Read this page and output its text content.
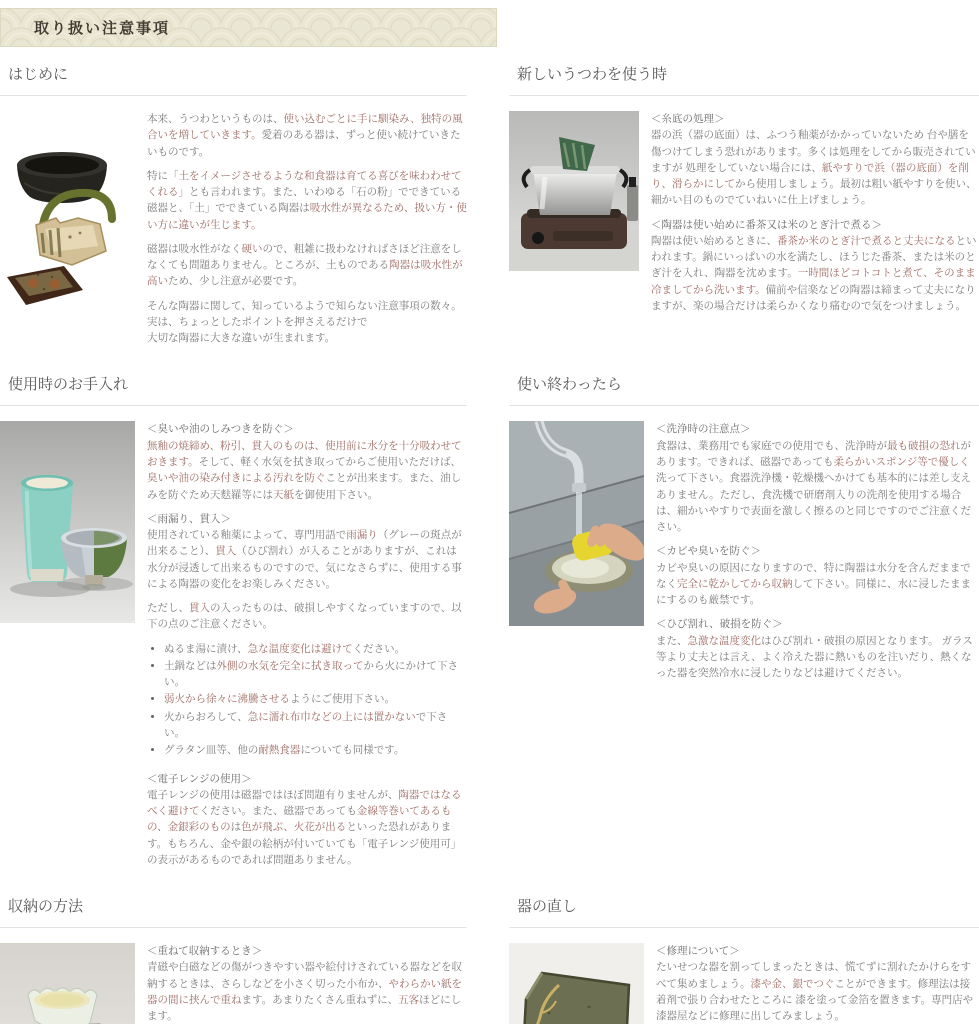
取り扱い注意事項
はじめに

本来、うつわというものは、使い込むごとに手に馴染み、独特の風合いを増していきます。愛着のある器は、ずっと使い続けていきたいものです。

特に「土をイメージさせるような和食器は育てる喜びを味わわせてくれる」とも言われます。また、いわゆる「石の粉」でできている磁器と、「土」でできている陶器は吸水性が異なるため、扱い方・使い方に違いが生じます。

磁器は吸水性がなく硬いので、粗雑に扱わなければさほど注意をしなくても問題ありません。ところが、土ものである陶器は吸水性が高いため、少し注意が必要です。

そんな陶器に関して、知っているようで知らない注意事項の数々。
実は、ちょっとしたポイントを押さえるだけで
大切な陶器に大きな違いが生まれます。

新しいうつわを使う時

＜糸底の処理＞

器の浜（器の底面）は、ふつう釉薬がかかっていないため 台や膳を傷つけてしまう恐れがあります。多くは処理をしてから販売されていますが 処理をしていない場合には、紙やすりで浜（器の底面）を削り、滑らかにしてから使用しましょう。最初は粗い紙やすりを使い、細かい目のものでていねいに仕上げましょう。

＜陶器は使い始めに番茶又は米のとぎ汁で煮る＞

陶器は使い始めるときに、番茶か米のとぎ汁で煮ると丈夫になるといわれます。鍋にいっぱいの水を満たし、ほうじた番茶、または米のとぎ汁を入れ、陶器を沈めます。一時間ほどコトコトと煮て、そのまま冷ましてから洗います。備前や信楽などの陶器は締まって丈夫になりますが、楽の場合だけは柔らかくなり痛むので気をつけましょう。

使用時のお手入れ

＜臭いや油のしみつきを防ぐ＞

無釉の焼締め、粉引、貫入のものは、使用前に水分を十分吸わせておきます。そして、軽く水気を拭き取ってからご使用いただけば、臭いや油の染み付きによる汚れを防ぐことが出来ます。また、油しみを防ぐため天麩羅等には天紙を御使用下さい。

＜雨漏り、貫入＞

使用されている釉薬によって、専門用語で雨漏り（グレーの斑点が出来ること）、貫入（ひび割れ）が入ることがありますが、これは水分が浸透して出来るものですので、気になさらずに、使用する事による陶器の変化をお楽しみください。

ただし、貫入の入ったものは、破損しやすくなっていますので、以下の点のご注意ください。

• ぬるま湯に漬け、急な温度変化は避けてください。
• 土鍋などは外側の水気を完全に拭き取ってから火にかけて下さい。
• 弱火から徐々に沸騰させるようにご使用下さい。
• 火からおろして、急に濡れ布巾などの上には置かないで下さい。
• グラタン皿等、他の耐熱食器についても同様です。

＜電子レンジの使用＞

電子レンジの使用は磁器ではほぼ問題有りませんが、陶器ではなるべく避けてください。また、磁器であっても金線等巻いてあるもの、金銀彩のものは色が飛ぶ、火花が出るといった恐れがあります。もちろん、金や銀の絵柄が付いていても「電子レンジ使用可」の表示があるものであれば問題ありません。

使い終わったら

＜洗浄時の注意点＞

食器は、業務用でも家庭での使用でも、洗浄時が最も破損の恐れがあります。できれば、磁器であっても柔らかいスポンジ等で優しく洗って下さい。食器洗浄機・乾燥機へかけても基本的には差し支えありません。ただし、食洗機で研磨剤入りの洗剤を使用する場合は、細かいやすりで表面を激しく擦るのと同じですのでご注意ください。

＜カビや臭いを防ぐ＞

カビや臭いの原因になりますので、特に陶器は水分を含んだままでなく完全に乾かしてから収納して下さい。同様に、水に浸したままにするのも厳禁です。

＜ひび割れ、破損を防ぐ＞

また、急激な温度変化はひび割れ・破損の原因となります。 ガラス等より丈夫とは言え、よく冷えた器に熱いものを注いだり、熱くなった器を突然冷水に浸したりなどは避けてください。

収納の方法

＜重ねて収納するとき＞

青磁や白磁などの傷がつきやすい器や絵付けされている器などを収納するときは、さらしなどを小さく切った小布か、やわらかい紙を器の間に挟んで重ねます。あまりたくさん重ねずに、五客ほどにします。

器の直し

＜修理について＞

たいせつな器を割ってしまったときは、慌てずに割れたかけらをすべて集めましょう。漆や金、銀でつぐことができます。修理法は接着剤で張り合わせたところに 漆を塗って金箔を置きます。専門店や漆器屋などに修理に出してみましょう。
